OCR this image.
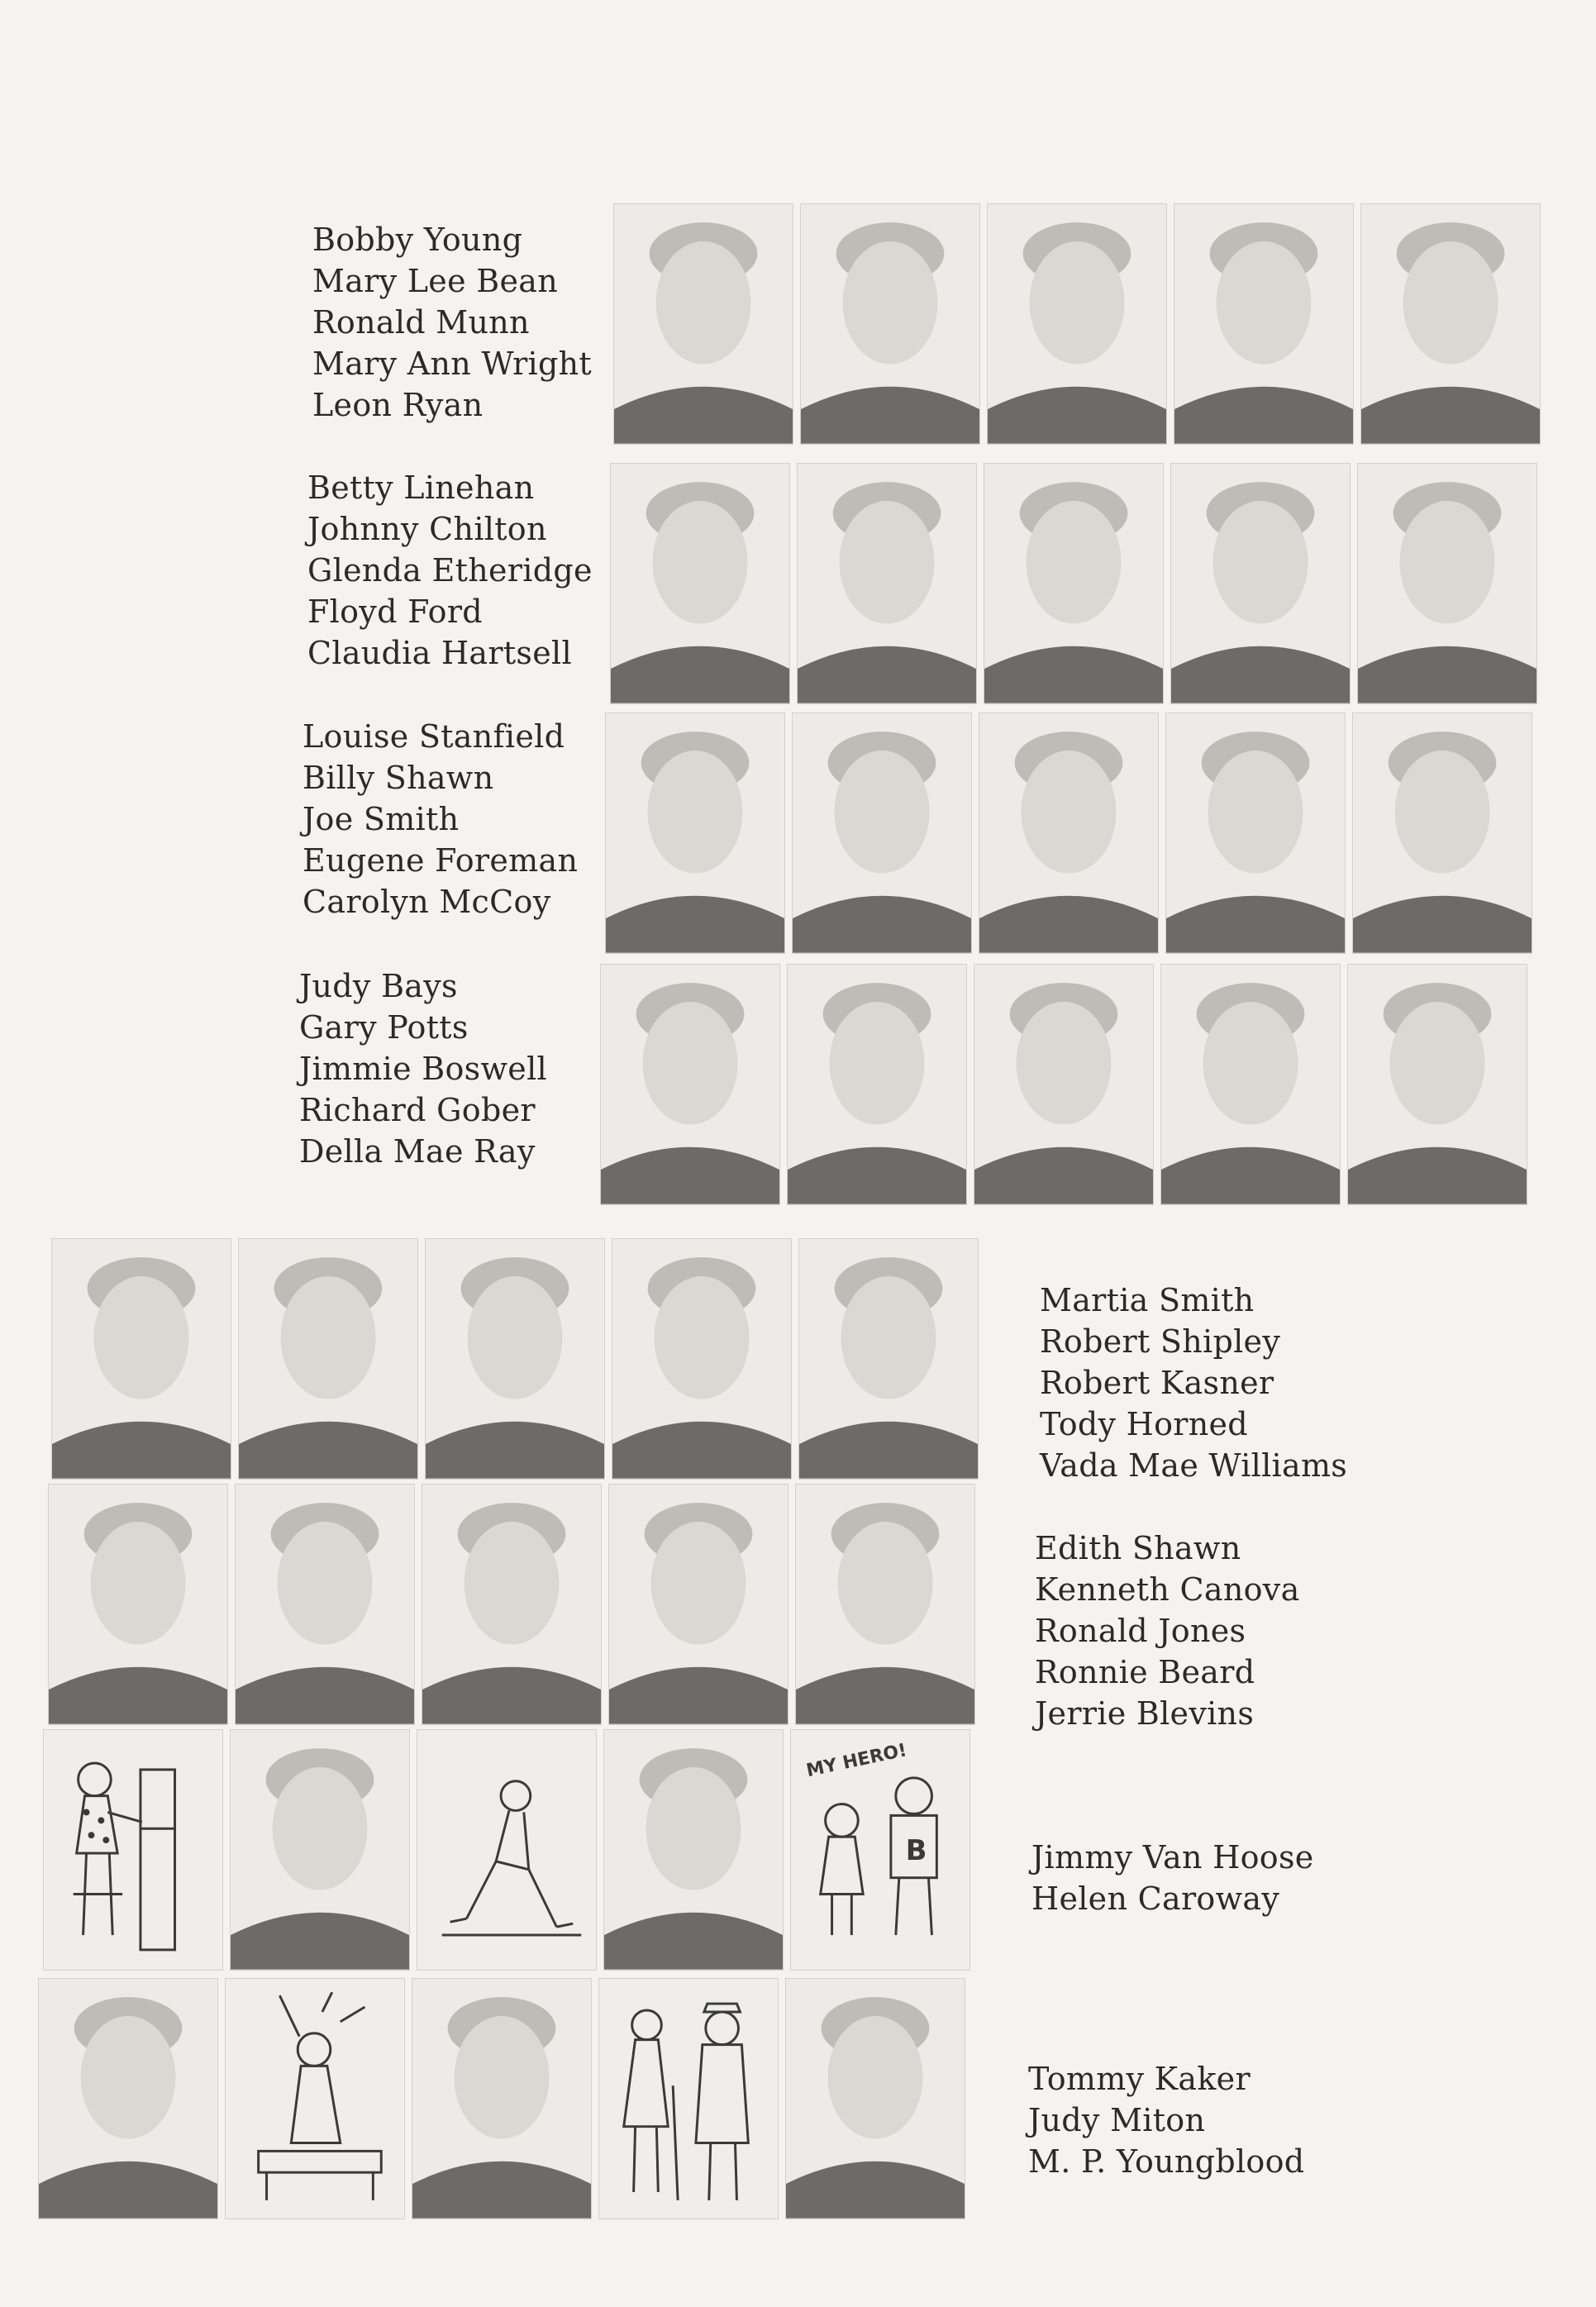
Bobby Young
Mary Lee Bean
Ronald Munn
Mary Ann Wright
Leon Ryan
Betty Linehan
Johnny Chilton
Glenda Etheridge
Floyd Ford
Claudia Hartsell
Louise Stanfield
Billy Shawn
Joe Smith
Eugene Foreman
Carolyn McCoy
Judy Bays
Gary Potts
Jimmie Boswell
Richard Gober
Della Mae Ray
Martia Smith
Robert Shipley
Robert Kasner
Tody Horned
Vada Mae Williams
Edith Shawn
Kenneth Canova
Ronald Jones
Ronnie Beard
Jerrie Blevins
MY HERO!
B	Jimmy Van Hoose
Helen Caroway
Tommy Kaker
Judy Miton
M. P. Youngblood
